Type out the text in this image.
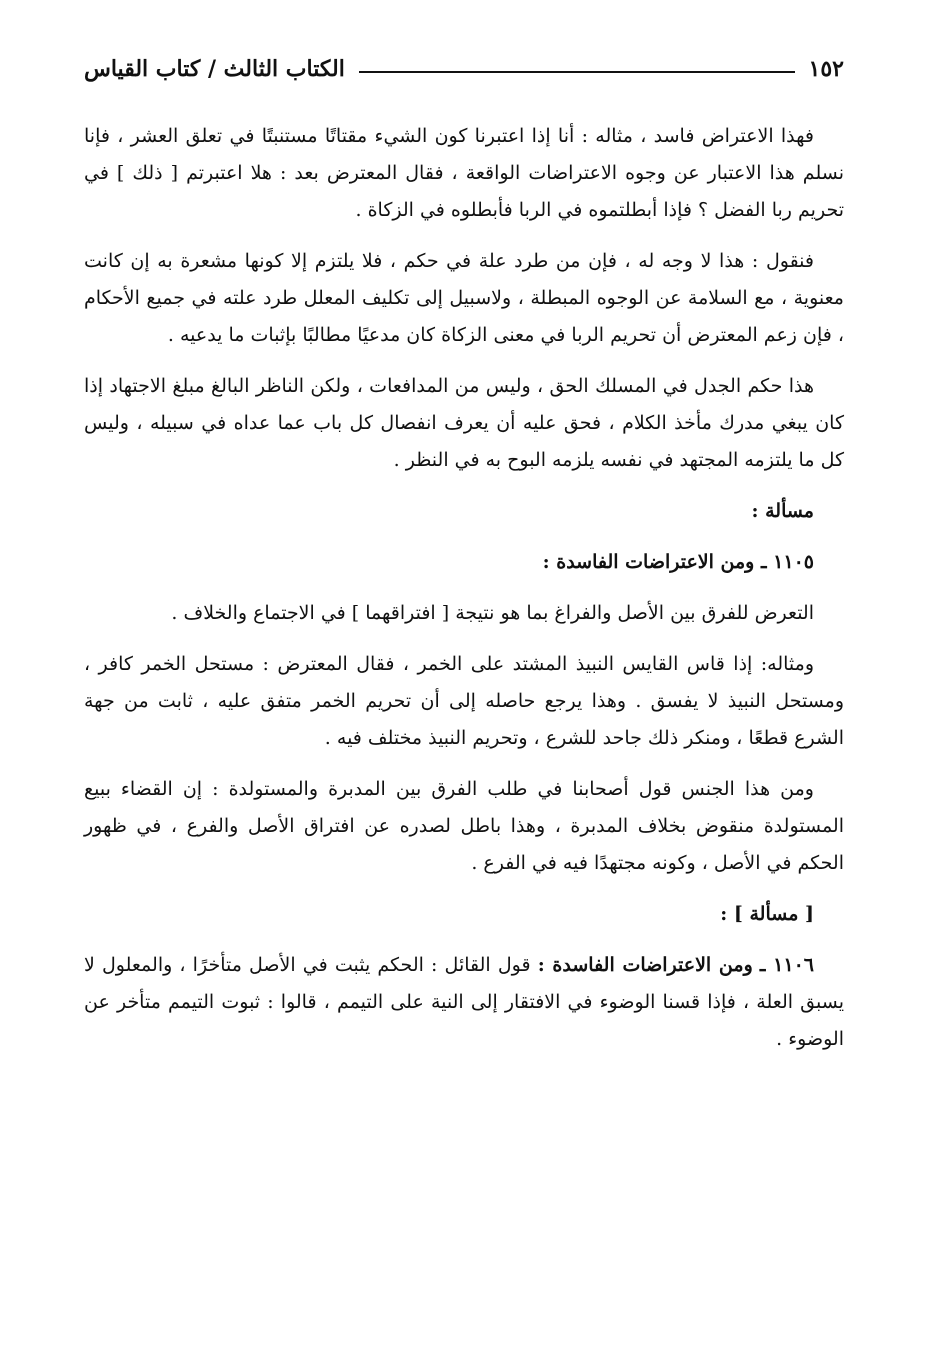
١٥٢
الكتاب الثالث / كتاب القياس

فهذا الاعتراض فاسد ، مثاله : أنا إذا اعتبرنا كون الشيء مقتاتًا مستنبتًا في تعلق العشر ، فإنا نسلم هذا الاعتبار عن وجوه الاعتراضات الواقعة ، فقال المعترض بعد : هلا اعتبرتم [ ذلك ] في تحريم ربا الفضل ؟ فإذا أبطلتموه في الربا فأبطلوه في الزكاة .

فنقول : هذا لا وجه له ، فإن من طرد علة في حكم ، فلا يلتزم إلا كونها مشعرة به إن كانت معنوية ، مع السلامة عن الوجوه المبطلة ، ولاسبيل إلى تكليف المعلل طرد علته في جميع الأحكام ، فإن زعم المعترض أن تحريم الربا في معنى الزكاة كان مدعيًا مطالبًا بإثبات ما يدعيه .

هذا حكم الجدل في المسلك الحق ، وليس من المدافعات ، ولكن الناظر البالغ مبلغ الاجتهاد إذا كان يبغي مدرك مأخذ الكلام ، فحق عليه أن يعرف انفصال كل باب عما عداه في سبيله ، وليس كل ما يلتزمه المجتهد في نفسه يلزمه البوح به في النظر .

مسألة :

١١٠٥ ـ ومن الاعتراضات الفاسدة :

التعرض للفرق بين الأصل والفراغ بما هو نتيجة [ افتراقهما ] في الاجتماع والخلاف .

ومثاله: إذا قاس القايس النبيذ المشتد على الخمر ، فقال المعترض : مستحل الخمر كافر ، ومستحل النبيذ لا يفسق . وهذا يرجع حاصله إلى أن تحريم الخمر متفق عليه ، ثابت من جهة الشرع قطعًا ، ومنكر ذلك جاحد للشرع ، وتحريم النبيذ مختلف فيه .

ومن هذا الجنس قول أصحابنا في طلب الفرق بين المدبرة والمستولدة : إن القضاء ببيع المستولدة منقوض بخلاف المدبرة ، وهذا باطل لصدره عن افتراق الأصل والفرع ، في ظهور الحكم في الأصل ، وكونه مجتهدًا فيه في الفرع .

[ مسألة ] :

١١٠٦ ـ ومن الاعتراضات الفاسدة : قول القائل : الحكم يثبت في الأصل متأخرًا ، والمعلول لا يسبق العلة ، فإذا قسنا الوضوء في الافتقار إلى النية على التيمم ، قالوا : ثبوت التيمم متأخر عن الوضوء .
